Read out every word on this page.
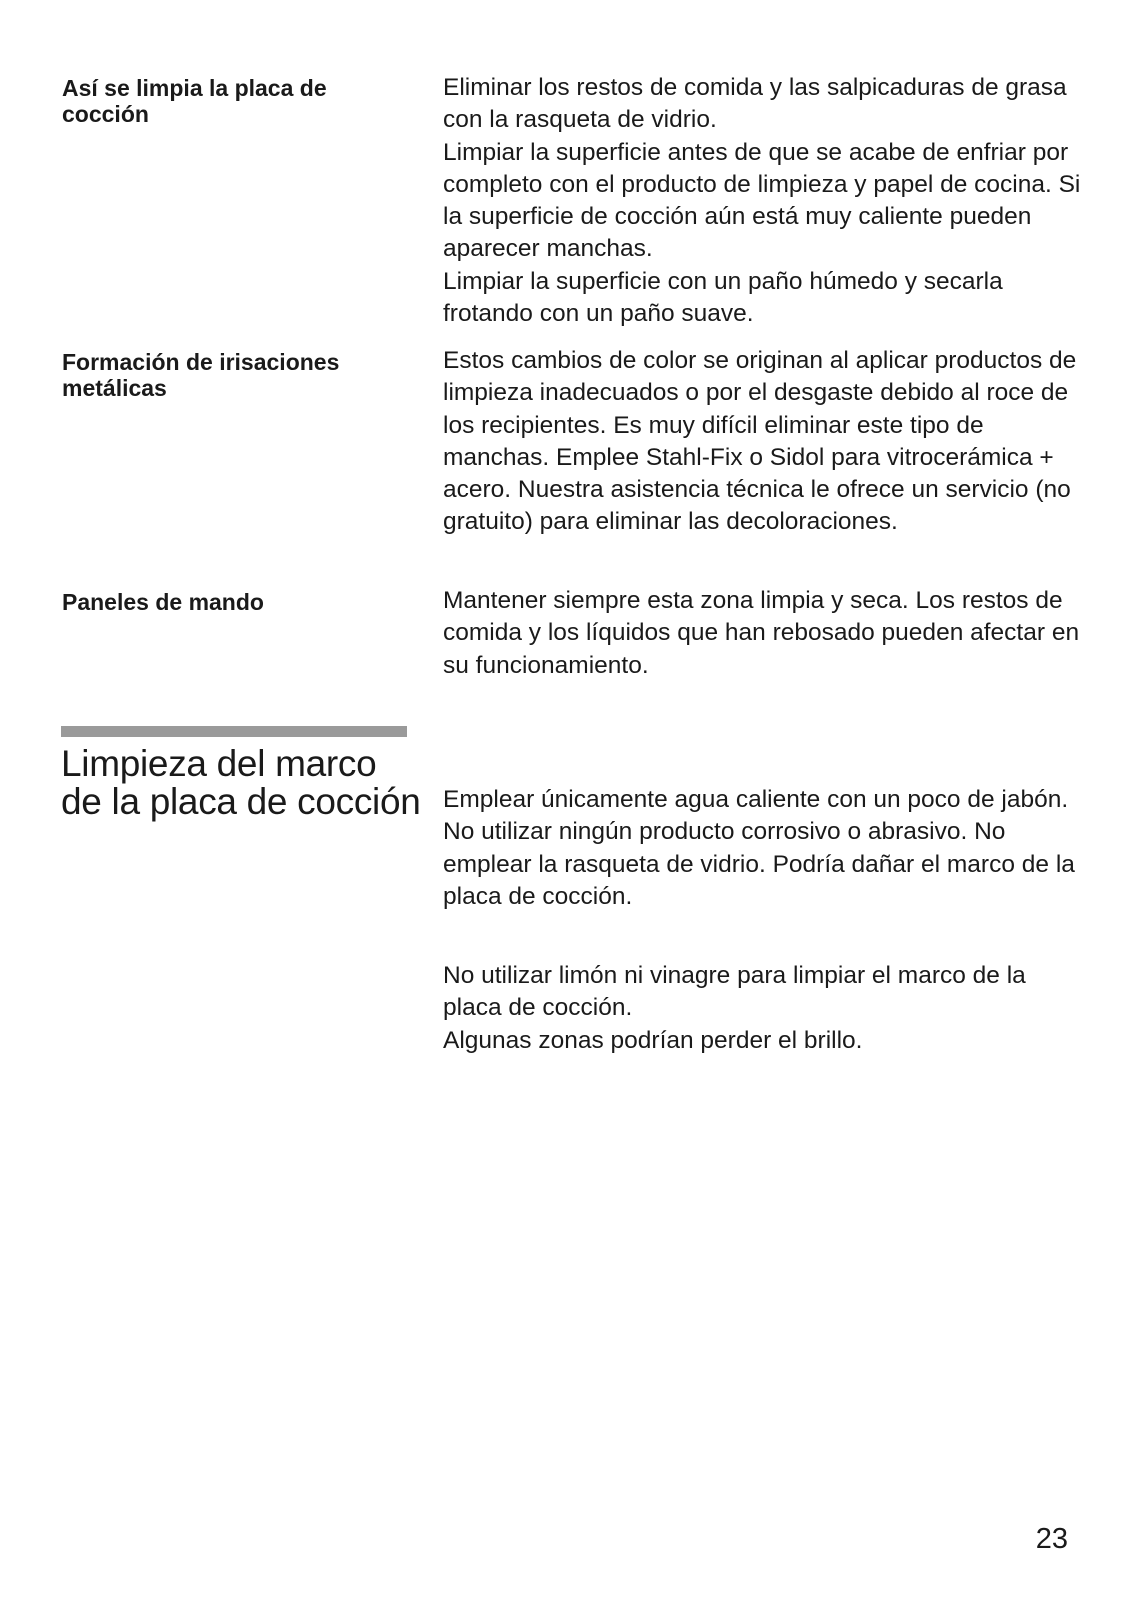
Así se limpia la placa de cocción

Eliminar los restos de comida y las salpicaduras de grasa con la rasqueta de vidrio.

Limpiar la superficie antes de que se acabe de enfriar por completo con el producto de limpieza y papel de cocina. Si la superficie de cocción aún está muy caliente pueden aparecer manchas.

Limpiar la superficie con un paño húmedo y secarla frotando con un paño suave.

Formación de irisaciones metálicas

Estos cambios de color se originan al aplicar productos de limpieza inadecuados o por el desgaste debido al roce de los recipientes. Es muy difícil eliminar este tipo de manchas. Emplee Stahl-Fix o Sidol para vitrocerámica + acero. Nuestra asistencia técnica le ofrece un servicio (no gratuito) para eliminar las decoloraciones.

Paneles de mando	Mantener siempre esta zona limpia y seca. Los restos de comida y los líquidos que han rebosado pueden afectar en su funcionamiento.

Limpieza del marco de la placa de cocción Emplear únicamente agua caliente con un poco de jabón.

No utilizar ningún producto corrosivo o abrasivo. No emplear la rasqueta de vidrio. Podría dañar el marco de la placa de cocción.

No utilizar limón ni vinagre para limpiar el marco de la placa de cocción.

Algunas zonas podrían perder el brillo.

23
